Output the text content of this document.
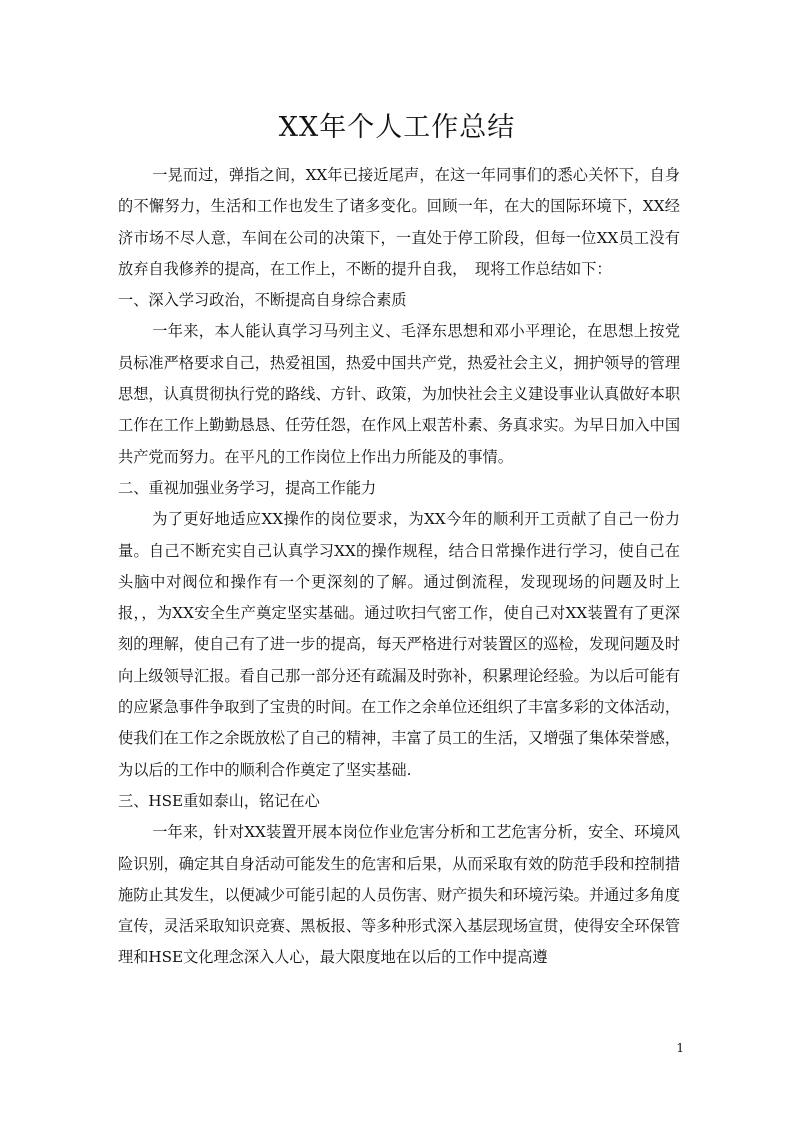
XX年个人工作总结

一晃而过，弹指之间，XX年已接近尾声，在这一年同事们的悉心关怀下，自身的不懈努力，生活和工作也发生了诸多变化。回顾一年，在大的国际环境下，XX经济市场不尽人意，车间在公司的决策下，一直处于停工阶段，但每一位XX员工没有放弃自我修养的提高，在工作上，不断的提升自我，　现将工作总结如下：

一、深入学习政治，不断提高自身综合素质

一年来，本人能认真学习马列主义、毛泽东思想和邓小平理论，在思想上按党员标准严格要求自己，热爱祖国，热爱中国共产党，热爱社会主义，拥护领导的管理思想，认真贯彻执行党的路线、方针、政策，为加快社会主义建设事业认真做好本职工作在工作上勤勤恳恳、任劳任怨，在作风上艰苦朴素、务真求实。为早日加入中国共产党而努力。在平凡的工作岗位上作出力所能及的事情。

二、重视加强业务学习，提高工作能力

为了更好地适应XX操作的岗位要求，为XX今年的顺利开工贡献了自己一份力量。自己不断充实自己认真学习XX的操作规程，结合日常操作进行学习，使自己在头脑中对阀位和操作有一个更深刻的了解。通过倒流程，发现现场的问题及时上报，，为XX安全生产奠定坚实基础。通过吹扫气密工作，使自己对XX装置有了更深刻的理解，使自己有了进一步的提高，每天严格进行对装置区的巡检，发现问题及时向上级领导汇报。看自己那一部分还有疏漏及时弥补，积累理论经验。为以后可能有的应紧急事件争取到了宝贵的时间。在工作之余单位还组织了丰富多彩的文体活动，使我们在工作之余既放松了自己的精神，丰富了员工的生活，又增强了集体荣誉感，为以后的工作中的顺利合作奠定了坚实基础.

三、HSE重如泰山，铭记在心

一年来，针对XX装置开展本岗位作业危害分析和工艺危害分析，安全、环境风险识别，确定其自身活动可能发生的危害和后果，从而采取有效的防范手段和控制措施防止其发生，以便减少可能引起的人员伤害、财产损失和环境污染。并通过多角度宣传，灵活采取知识竞赛、黑板报、等多种形式深入基层现场宣贯，使得安全环保管理和HSE文化理念深入人心，最大限度地在以后的工作中提高遵

1
